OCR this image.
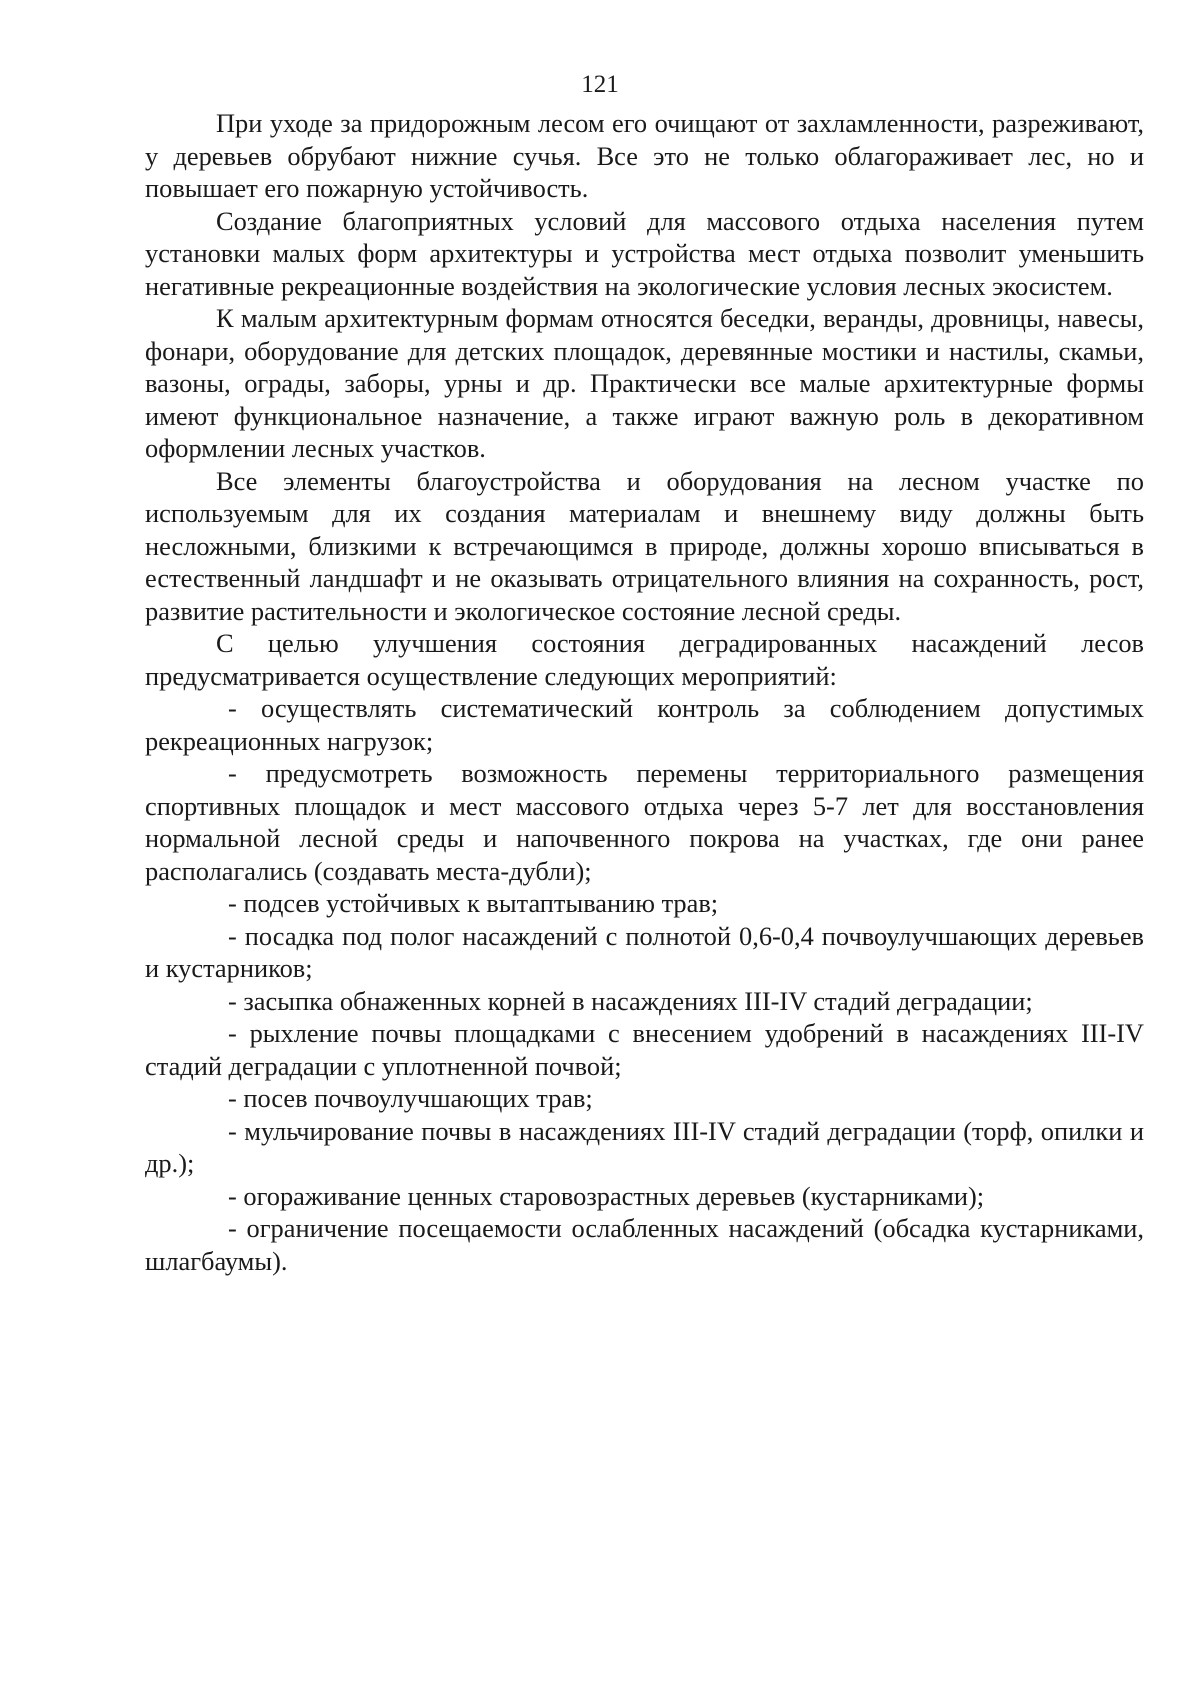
121

При уходе за придорожным лесом его очищают от захламленности, разреживают, у деревьев обрубают нижние сучья. Все это не только облагораживает лес, но и повышает его пожарную устойчивость.

Создание благоприятных условий для массового отдыха населения путем установки малых форм архитектуры и устройства мест отдыха позволит уменьшить негативные рекреационные воздействия на экологические условия лесных экосистем.

К малым архитектурным формам относятся беседки, веранды, дровницы, навесы, фонари, оборудование для детских площадок, деревянные мостики и настилы, скамьи, вазоны, ограды, заборы, урны и др. Практически все малые архитектурные формы имеют функциональное назначение, а также играют важную роль в декоративном оформлении лесных участков.

Все элементы благоустройства и оборудования на лесном участке по используемым для их создания материалам и внешнему виду должны быть несложными, близкими к встречающимся в природе, должны хорошо вписываться в естественный ландшафт и не оказывать отрицательного влияния на сохранность, рост, развитие растительности и экологическое состояние лесной среды.

С целью улучшения состояния деградированных насаждений лесов предусматривается осуществление следующих мероприятий:

- осуществлять систематический контроль за соблюдением допустимых рекреационных нагрузок;

- предусмотреть возможность перемены территориального размещения спортивных площадок и мест массового отдыха через 5-7 лет для восстановления нормальной лесной среды и напочвенного покрова на участках, где они ранее располагались (создавать места-дубли);

- подсев устойчивых к вытаптыванию трав;

- посадка под полог насаждений с полнотой 0,6-0,4 почвоулучшающих деревьев и кустарников;

- засыпка обнаженных корней в насаждениях III-IV стадий деградации;

- рыхление почвы площадками с внесением удобрений в насаждениях III-IV стадий деградации с уплотненной почвой;

- посев почвоулучшающих трав;

- мульчирование почвы в насаждениях III-IV стадий деградации (торф, опилки и др.);

- огораживание ценных старовозрастных деревьев (кустарниками);

- ограничение посещаемости ослабленных насаждений (обсадка кустарниками, шлагбаумы).
